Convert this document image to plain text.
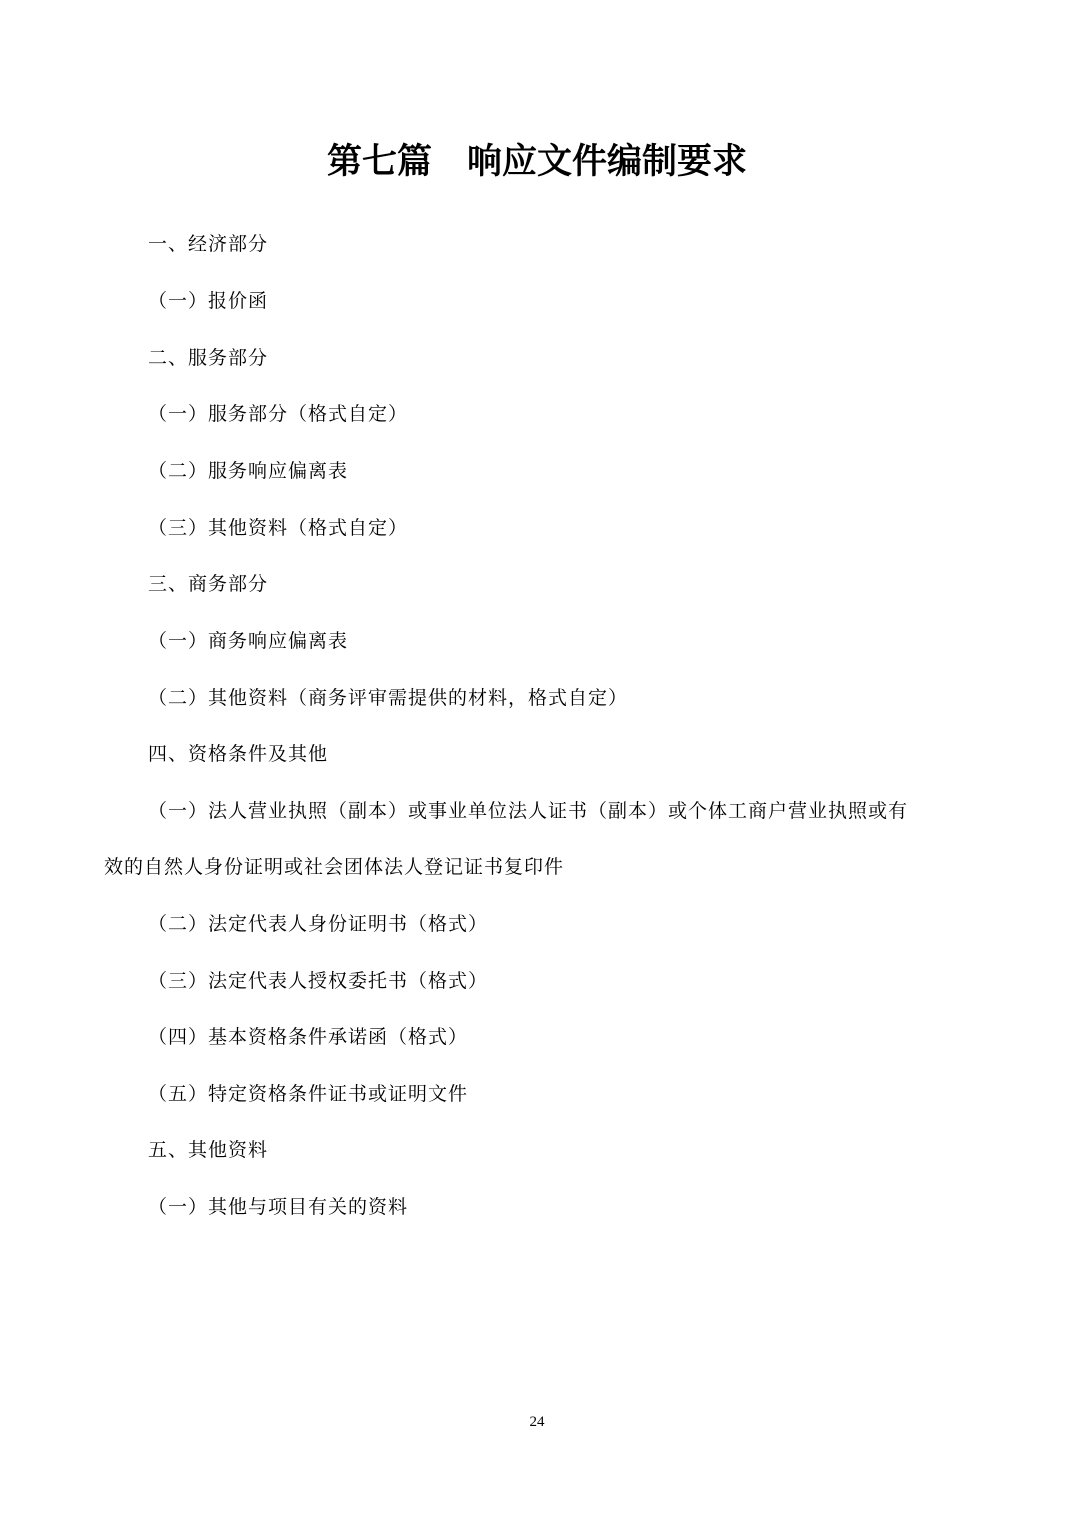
第七篇　响应文件编制要求
一、经济部分
（一）报价函
二、服务部分
（一）服务部分（格式自定）
（二）服务响应偏离表
（三）其他资料（格式自定）
三、商务部分
（一）商务响应偏离表
（二）其他资料（商务评审需提供的材料，格式自定）
四、资格条件及其他
（一）法人营业执照（副本）或事业单位法人证书（副本）或个体工商户营业执照或有
效的自然人身份证明或社会团体法人登记证书复印件
（二）法定代表人身份证明书（格式）
（三）法定代表人授权委托书（格式）
（四）基本资格条件承诺函（格式）
（五）特定资格条件证书或证明文件
五、其他资料
（一）其他与项目有关的资料
24
